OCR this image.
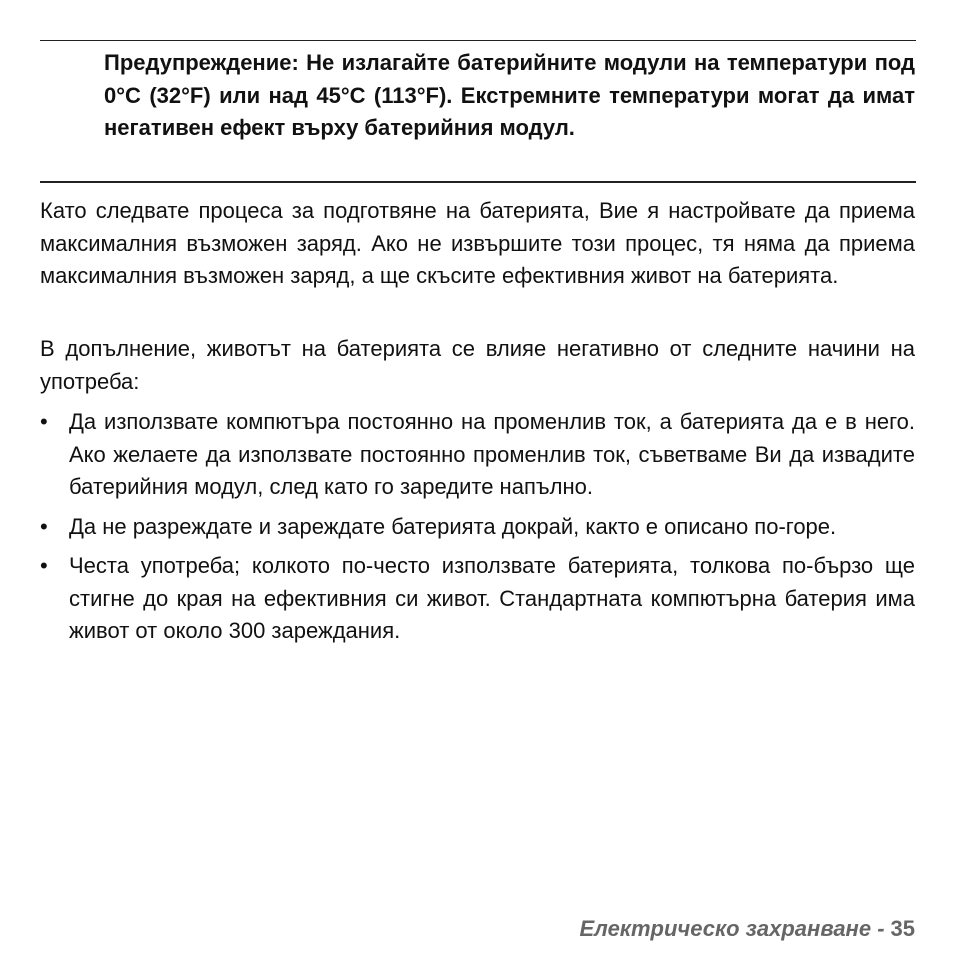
Предупреждение: Не излагайте батерийните модули на температури под 0°C (32°F) или над 45°C (113°F). Екстремните температури могат да имат негативен ефект върху батерийния модул.

Като следвате процеса за подготвяне на батерията, Вие я настройвате да приема максималния възможен заряд. Ако не извършите този процес, тя няма да приема максималния възможен заряд, а ще скъсите ефективния живот на батерията.

В допълнение, животът на батерията се влияе негативно от следните начини на употреба:

• Да използвате компютъра постоянно на променлив ток, а батерията да е в него. Ако желаете да използвате постоянно променлив ток, съветваме Ви да извадите батерийния модул, след като го заредите напълно.
• Да не разреждате и зареждате батерията докрай, както е описано по-горе.
• Честа употреба; колкото по-често използвате батерията, толкова по-бързо ще стигне до края на ефективния си живот. Стандартната компютърна батерия има живот от около 300 зареждания.
Електрическо захранване - 35
